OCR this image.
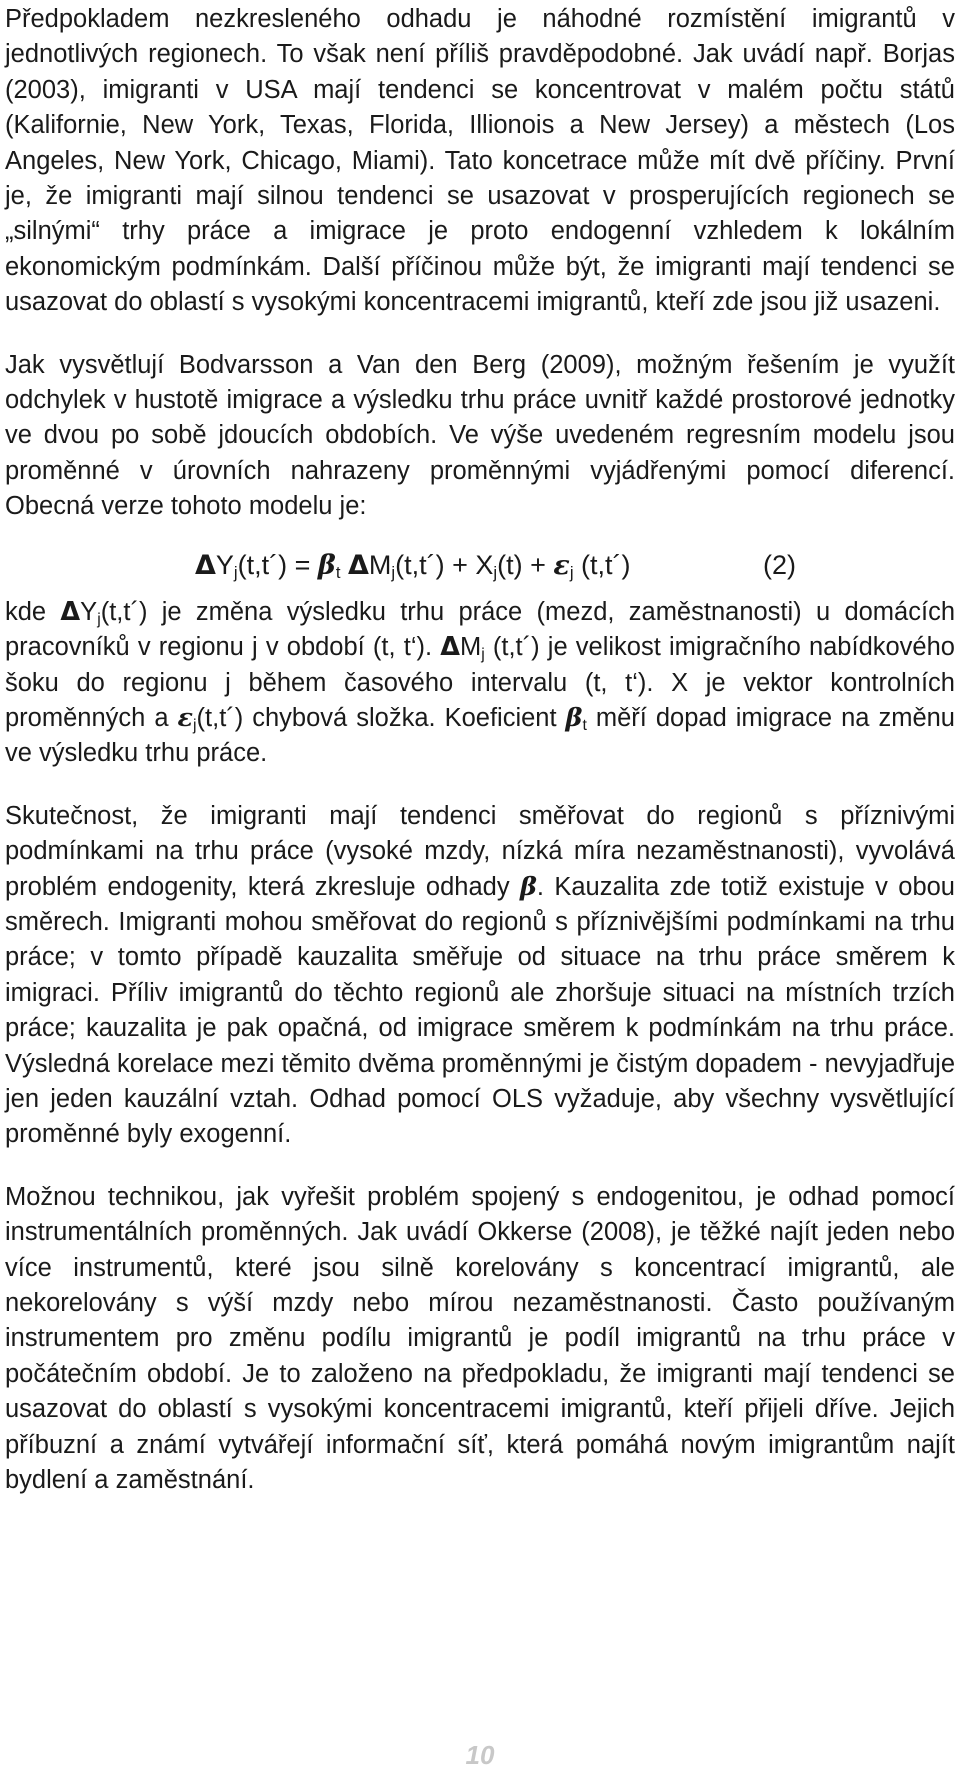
Předpokladem nezkresleného odhadu je náhodné rozmístění imigrantů v jednotlivých regionech. To však není příliš pravděpodobné. Jak uvádí např. Borjas (2003), imigranti v USA mají tendenci se koncentrovat v malém počtu států (Kalifornie, New York, Texas, Florida, Illionois a New Jersey) a městech (Los Angeles, New York, Chicago, Miami). Tato koncetrace může mít dvě příčiny. První je, že imigranti mají silnou tendenci se usazovat v prosperujících regionech se „silnými“ trhy práce a imigrace je proto endogenní vzhledem k lokálním ekonomickým podmínkám. Další příčinou může být, že imigranti mají tendenci se usazovat do oblastí s vysokými koncentracemi imigrantů, kteří zde jsou již usazeni.

Jak vysvětlují Bodvarsson a Van den Berg (2009), možným řešením je využít odchylek v hustotě imigrace a výsledku trhu práce uvnitř každé prostorové jednotky ve dvou po sobě jdoucích obdobích. Ve výše uvedeném regresním modelu jsou proměnné v úrovních nahrazeny proměnnými vyjádřenými pomocí diferencí. Obecná verze tohoto modelu je:

$\Delta Y_j(t,t´) = \beta_t$ $\Delta M_j(t,t´) + X_j(t) + \varepsilon_j$ (t,t´)	(2)

kde $\Delta Y_j(t,t´)$ je změna výsledku trhu práce (mezd, zaměstnanosti) u domácích pracovníků v regionu j v období (t, t‘). $\Delta M_j$ (t,t´) je velikost imigračního nabídkového šoku do regionu j během časového intervalu (t, t‘). X je vektor kontrolních proměnných a $\varepsilon_j(t,t´)$ chybová složka. Koeficient $\beta_t$ měří dopad imigrace na změnu ve výsledku trhu práce.

Skutečnost, že imigranti mají tendenci směřovat do regionů s příznivými podmínkami na trhu práce (vysoké mzdy, nízká míra nezaměstnanosti), vyvolává problém endogenity, která zkresluje odhady β. Kauzalita zde totiž existuje v obou směrech. Imigranti mohou směřovat do regionů s příznivějšími podmínkami na trhu práce; v tomto případě kauzalita směřuje od situace na trhu práce směrem k imigraci. Příliv imigrantů do těchto regionů ale zhoršuje situaci na místních trzích práce; kauzalita je pak opačná, od imigrace směrem k podmínkám na trhu práce. Výsledná korelace mezi těmito dvěma proměnnými je čistým dopadem - nevyjadřuje jen jeden kauzální vztah. Odhad pomocí OLS vyžaduje, aby všechny vysvětlující proměnné byly exogenní.

Možnou technikou, jak vyřešit problém spojený s endogenitou, je odhad pomocí instrumentálních proměnných. Jak uvádí Okkerse (2008), je těžké najít jeden nebo více instrumentů, které jsou silně korelovány s koncentrací imigrantů, ale nekorelovány s výší mzdy nebo mírou nezaměstnanosti. Často používaným instrumentem pro změnu podílu imigrantů je podíl imigrantů na trhu práce v počátečním období. Je to založeno na předpokladu, že imigranti mají tendenci se usazovat do oblastí s vysokými koncentracemi imigrantů, kteří přijeli dříve. Jejich příbuzní a známí vytvářejí informační síť, která pomáhá novým imigrantům najít bydlení a zaměstnání.

10
